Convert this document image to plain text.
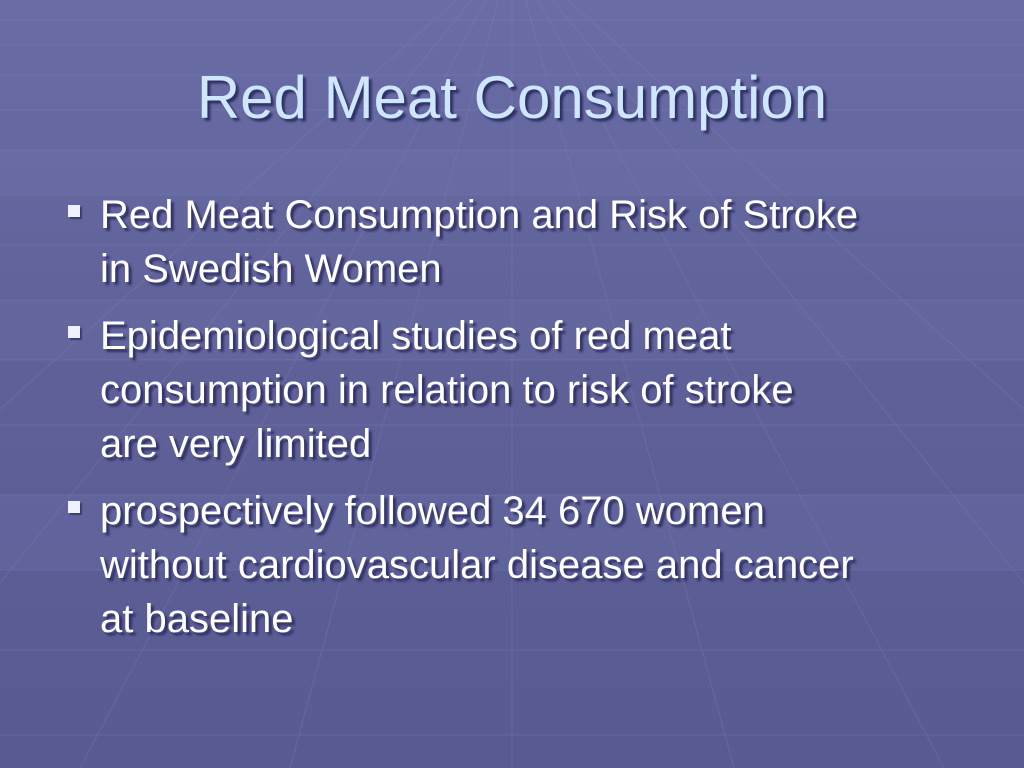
Red Meat Consumption
Red Meat Consumption and Risk of Stroke
in Swedish Women
Epidemiological studies of red meat
consumption in relation to risk of stroke
are very limited
prospectively followed 34 670 women
without cardiovascular disease and cancer
at baseline
